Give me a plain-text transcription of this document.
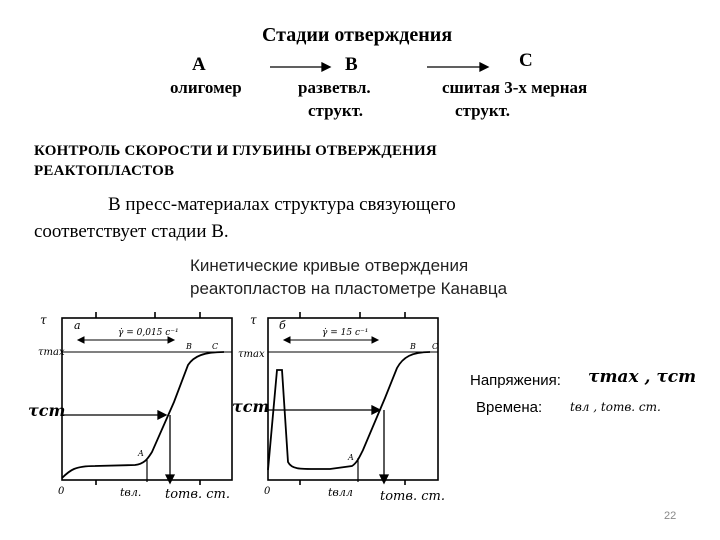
Стадии отверждения
A
олигомер
B
разветвл.
структ.
C
сшитая 3-х мерная
структ.
КОНТРОЛЬ СКОРОСТИ И ГЛУБИНЫ ОТВЕРЖДЕНИЯ
РЕАКТОПЛАСТОВ
В пресс-материалах структура связующего
соответствует стадии В.
Кинетические кривые отверждения
реактопластов на пластометре Канавца
τ а
γ̇ = 0,015 с⁻¹
τmax
τcm
A
B	C
0	tвл. tотв. ст.
τ б
γ̇ = 15 с⁻¹
τmax
τcm
A
B C
0	tвлл tотв. ст.
Напряжения: τmax , τcm
Времена: tвл , tотв. ст.
22
